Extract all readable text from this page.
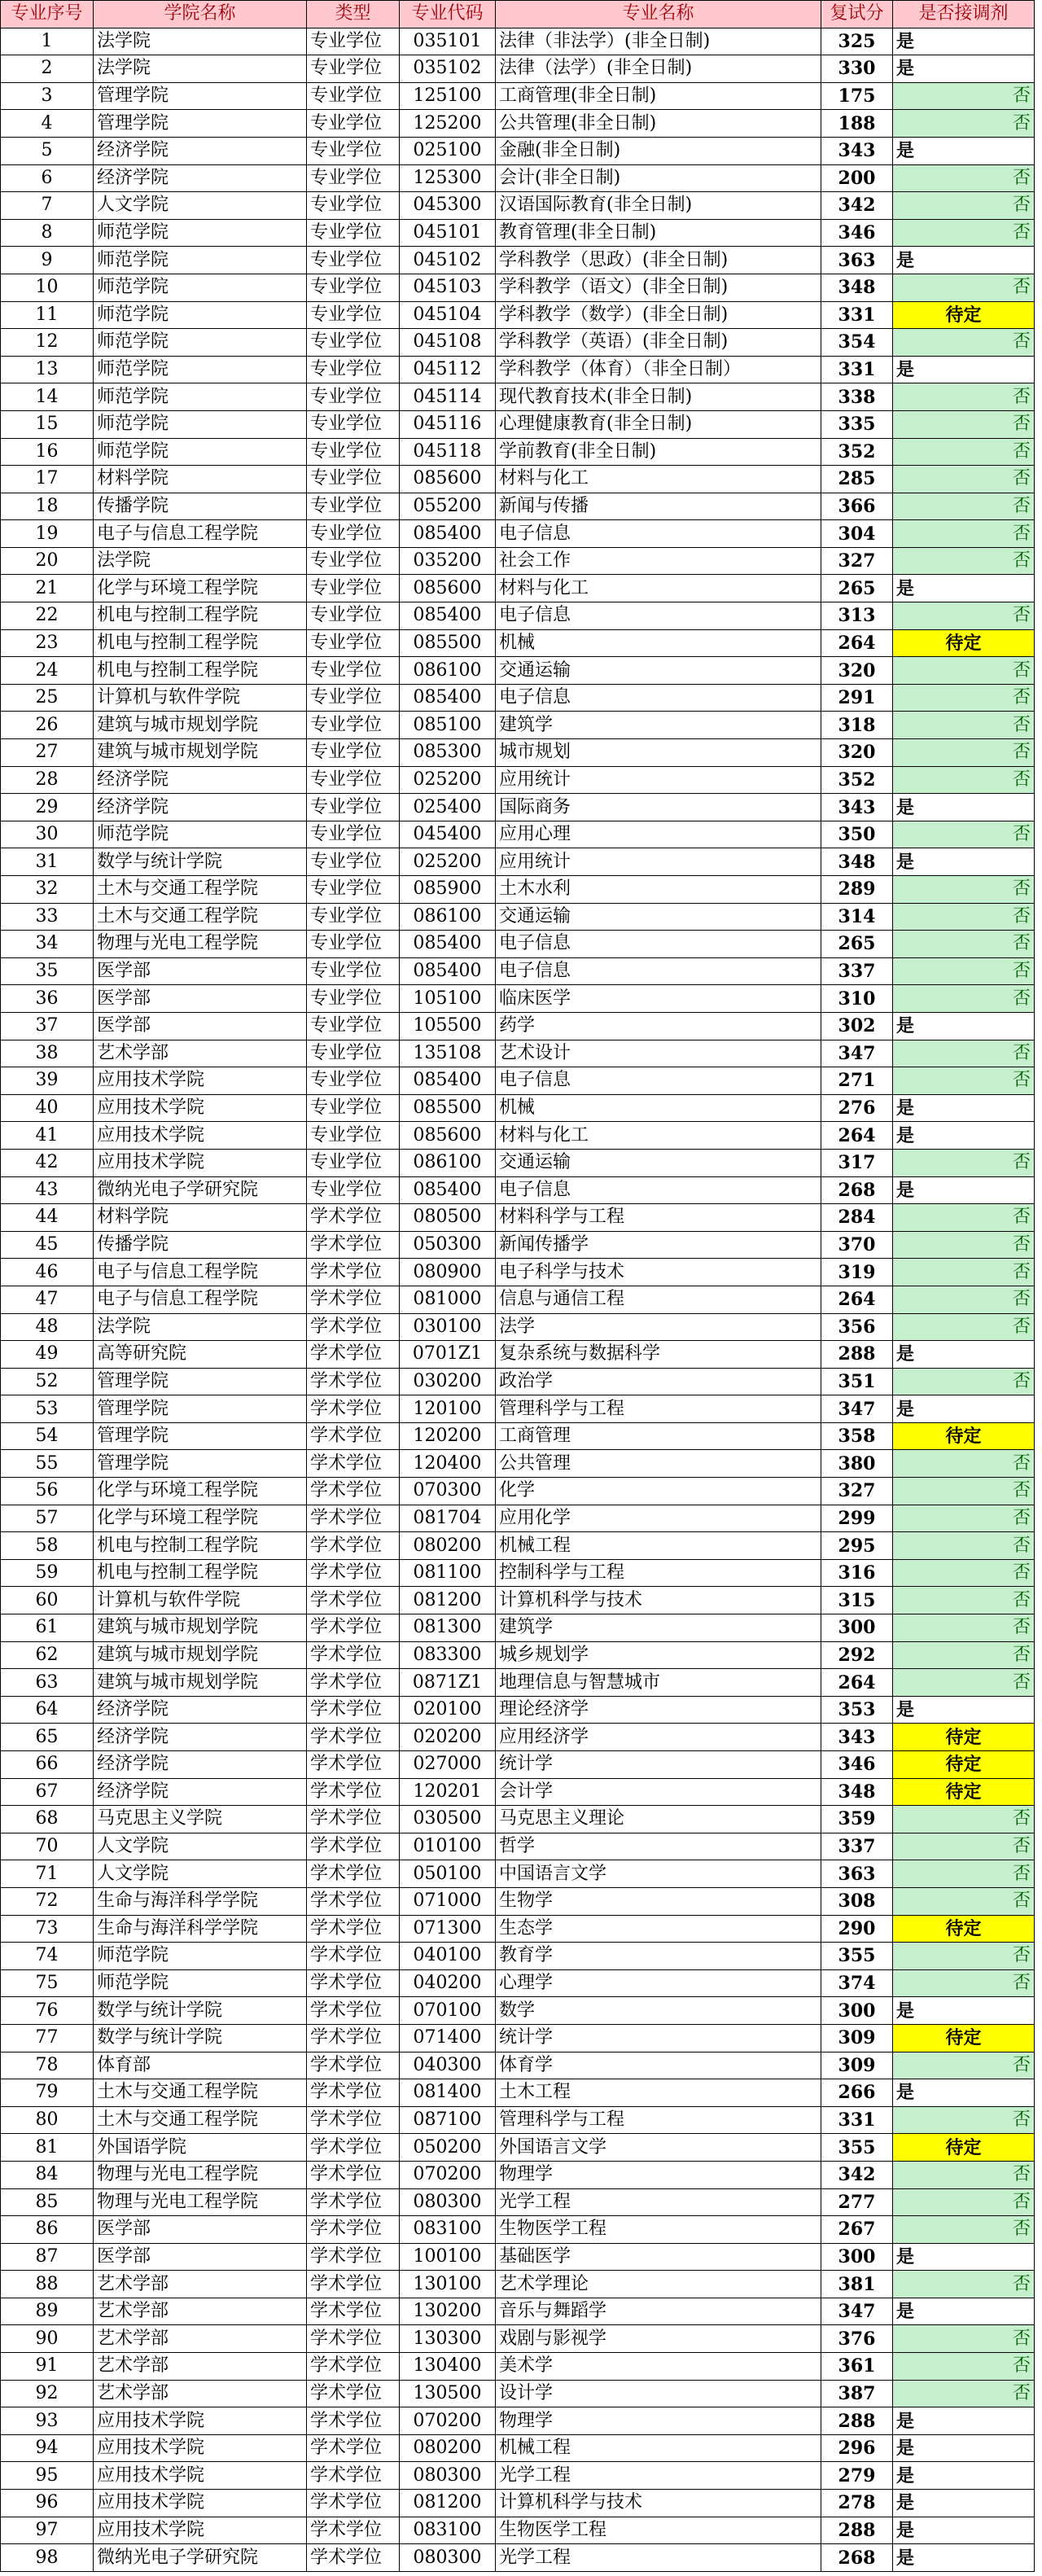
专业序号	学院名称	类型	专业代码	专业名称	复试分	是否接调剂
1	法学院	专业学位	035101	法律（非法学）(非全日制)	325	是
2	法学院	专业学位	035102	法律（法学）(非全日制)	330	是
3	管理学院	专业学位	125100	工商管理(非全日制)	175	否
4	管理学院	专业学位	125200	公共管理(非全日制)	188	否
5	经济学院	专业学位	025100	金融(非全日制)	343	是
6	经济学院	专业学位	125300	会计(非全日制)	200	否
7	人文学院	专业学位	045300	汉语国际教育(非全日制)	342	否
8	师范学院	专业学位	045101	教育管理(非全日制)	346	否
9	师范学院	专业学位	045102	学科教学（思政）(非全日制)	363	是
10	师范学院	专业学位	045103	学科教学（语文）(非全日制)	348	否
11	师范学院	专业学位	045104	学科教学（数学）(非全日制)	331	待定
12	师范学院	专业学位	045108	学科教学（英语）(非全日制)	354	否
13	师范学院	专业学位	045112	学科教学（体育）（非全日制）	331	是
14	师范学院	专业学位	045114	现代教育技术(非全日制)	338	否
15	师范学院	专业学位	045116	心理健康教育(非全日制)	335	否
16	师范学院	专业学位	045118	学前教育(非全日制)	352	否
17	材料学院	专业学位	085600	材料与化工	285	否
18	传播学院	专业学位	055200	新闻与传播	366	否
19	电子与信息工程学院	专业学位	085400	电子信息	304	否
20	法学院	专业学位	035200	社会工作	327	否
21	化学与环境工程学院	专业学位	085600	材料与化工	265	是
22	机电与控制工程学院	专业学位	085400	电子信息	313	否
23	机电与控制工程学院	专业学位	085500	机械	264	待定
24	机电与控制工程学院	专业学位	086100	交通运输	320	否
25	计算机与软件学院	专业学位	085400	电子信息	291	否
26	建筑与城市规划学院	专业学位	085100	建筑学	318	否
27	建筑与城市规划学院	专业学位	085300	城市规划	320	否
28	经济学院	专业学位	025200	应用统计	352	否
29	经济学院	专业学位	025400	国际商务	343	是
30	师范学院	专业学位	045400	应用心理	350	否
31	数学与统计学院	专业学位	025200	应用统计	348	是
32	土木与交通工程学院	专业学位	085900	土木水利	289	否
33	土木与交通工程学院	专业学位	086100	交通运输	314	否
34	物理与光电工程学院	专业学位	085400	电子信息	265	否
35	医学部	专业学位	085400	电子信息	337	否
36	医学部	专业学位	105100	临床医学	310	否
37	医学部	专业学位	105500	药学	302	是
38	艺术学部	专业学位	135108	艺术设计	347	否
39	应用技术学院	专业学位	085400	电子信息	271	否
40	应用技术学院	专业学位	085500	机械	276	是
41	应用技术学院	专业学位	085600	材料与化工	264	是
42	应用技术学院	专业学位	086100	交通运输	317	否
43	微纳光电子学研究院	专业学位	085400	电子信息	268	是
44	材料学院	学术学位	080500	材料科学与工程	284	否
45	传播学院	学术学位	050300	新闻传播学	370	否
46	电子与信息工程学院	学术学位	080900	电子科学与技术	319	否
47	电子与信息工程学院	学术学位	081000	信息与通信工程	264	否
48	法学院	学术学位	030100	法学	356	否
49	高等研究院	学术学位	0701Z1	复杂系统与数据科学	288	是
52	管理学院	学术学位	030200	政治学	351	否
53	管理学院	学术学位	120100	管理科学与工程	347	是
54	管理学院	学术学位	120200	工商管理	358	待定
55	管理学院	学术学位	120400	公共管理	380	否
56	化学与环境工程学院	学术学位	070300	化学	327	否
57	化学与环境工程学院	学术学位	081704	应用化学	299	否
58	机电与控制工程学院	学术学位	080200	机械工程	295	否
59	机电与控制工程学院	学术学位	081100	控制科学与工程	316	否
60	计算机与软件学院	学术学位	081200	计算机科学与技术	315	否
61	建筑与城市规划学院	学术学位	081300	建筑学	300	否
62	建筑与城市规划学院	学术学位	083300	城乡规划学	292	否
63	建筑与城市规划学院	学术学位	0871Z1	地理信息与智慧城市	264	否
64	经济学院	学术学位	020100	理论经济学	353	是
65	经济学院	学术学位	020200	应用经济学	343	待定
66	经济学院	学术学位	027000	统计学	346	待定
67	经济学院	学术学位	120201	会计学	348	待定
68	马克思主义学院	学术学位	030500	马克思主义理论	359	否
70	人文学院	学术学位	010100	哲学	337	否
71	人文学院	学术学位	050100	中国语言文学	363	否
72	生命与海洋科学学院	学术学位	071000	生物学	308	否
73	生命与海洋科学学院	学术学位	071300	生态学	290	待定
74	师范学院	学术学位	040100	教育学	355	否
75	师范学院	学术学位	040200	心理学	374	否
76	数学与统计学院	学术学位	070100	数学	300	是
77	数学与统计学院	学术学位	071400	统计学	309	待定
78	体育部	学术学位	040300	体育学	309	否
79	土木与交通工程学院	学术学位	081400	土木工程	266	是
80	土木与交通工程学院	学术学位	087100	管理科学与工程	331	否
81	外国语学院	学术学位	050200	外国语言文学	355	待定
84	物理与光电工程学院	学术学位	070200	物理学	342	否
85	物理与光电工程学院	学术学位	080300	光学工程	277	否
86	医学部	学术学位	083100	生物医学工程	267	否
87	医学部	学术学位	100100	基础医学	300	是
88	艺术学部	学术学位	130100	艺术学理论	381	否
89	艺术学部	学术学位	130200	音乐与舞蹈学	347	是
90	艺术学部	学术学位	130300	戏剧与影视学	376	否
91	艺术学部	学术学位	130400	美术学	361	否
92	艺术学部	学术学位	130500	设计学	387	否
93	应用技术学院	学术学位	070200	物理学	288	是
94	应用技术学院	学术学位	080200	机械工程	296	是
95	应用技术学院	学术学位	080300	光学工程	279	是
96	应用技术学院	学术学位	081200	计算机科学与技术	278	是
97	应用技术学院	学术学位	083100	生物医学工程	288	是
98	微纳光电子学研究院	学术学位	080300	光学工程	268	是
